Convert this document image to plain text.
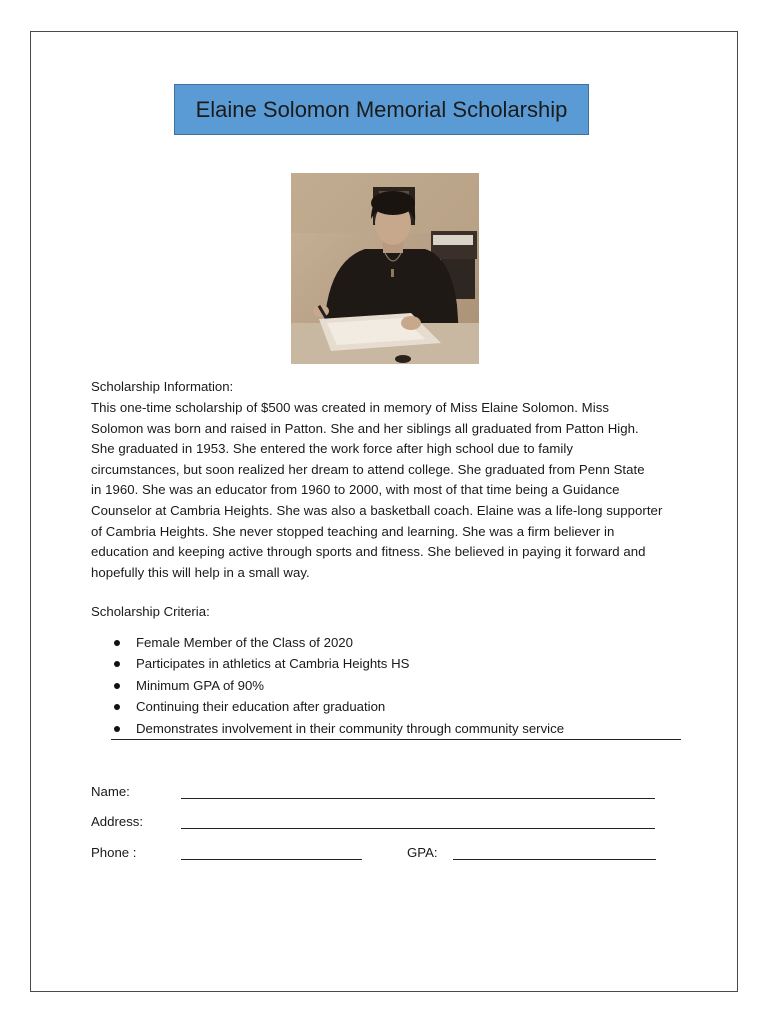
Elaine Solomon Memorial Scholarship
Scholarship Information:
This one-time scholarship of $500 was created in memory of Miss Elaine Solomon. Miss
Solomon was born and raised in Patton. She and her siblings all graduated from Patton High.
She graduated in 1953. She entered the work force after high school due to family
circumstances, but soon realized her dream to attend college. She graduated from Penn State
in 1960. She was an educator from 1960 to 2000, with most of that time being a Guidance
Counselor at Cambria Heights. She was also a basketball coach. Elaine was a life-long supporter
of Cambria Heights. She never stopped teaching and learning. She was a firm believer in
education and keeping active through sports and fitness. She believed in paying it forward and
hopefully this will help in a small way.
Scholarship Criteria:
Female Member of the Class of 2020
Participates in athletics at Cambria Heights HS
Minimum GPA of 90%
Continuing their education after graduation
Demonstrates involvement in their community through community service
Name:
Address:
Phone :	GPA:
